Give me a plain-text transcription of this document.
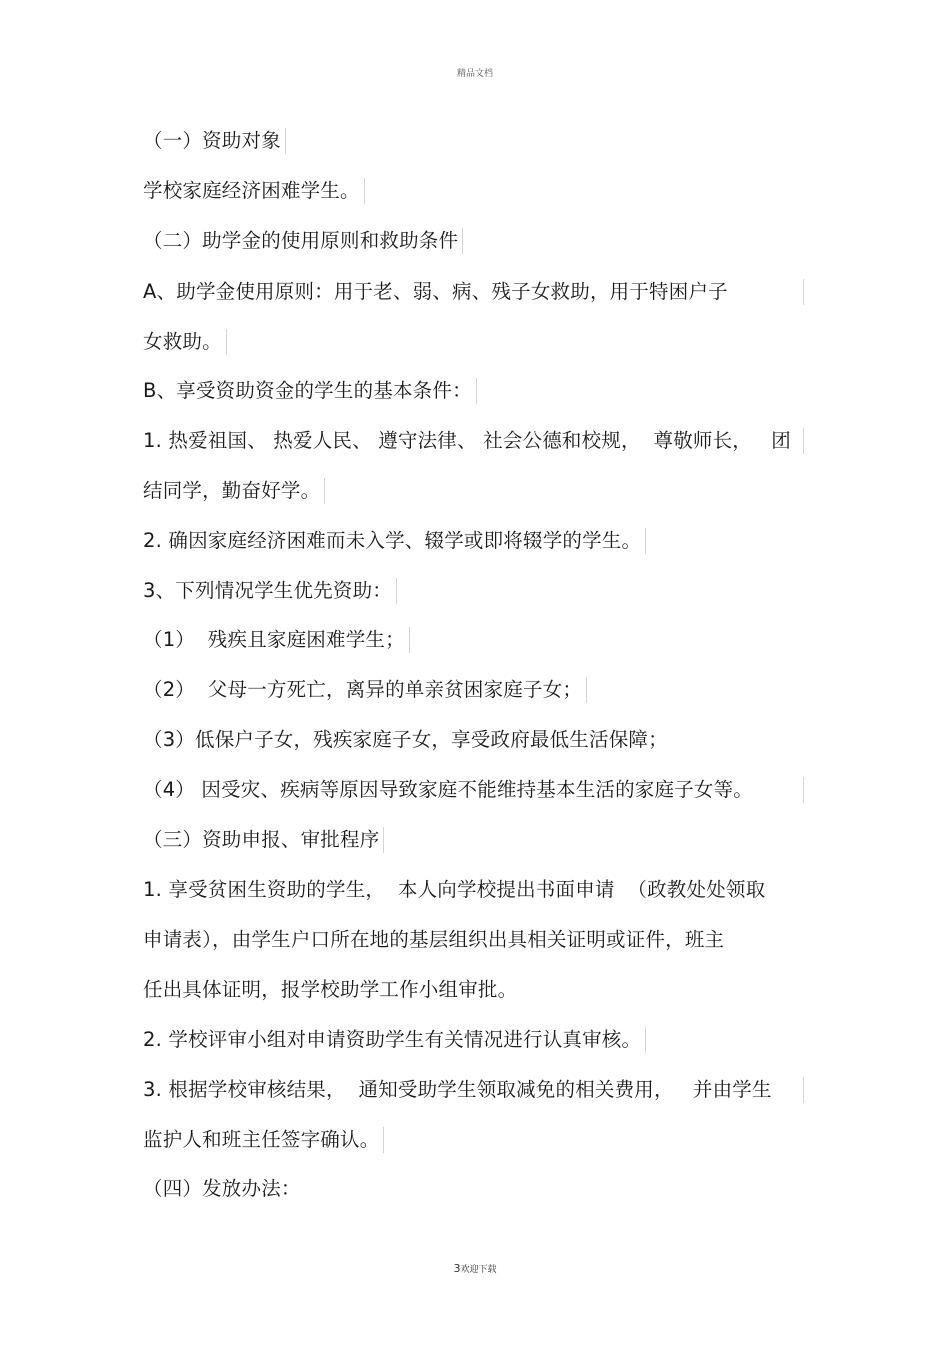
精品文档
（一）资助对象
学校家庭经济困难学生。
（二）助学金的使用原则和救助条件
A、助学金使用原则：用于老、弱、病、残子女救助，用于特困户子
女救助。
B、享受资助资金的学生的基本条件：
1. 热爱祖国、 热爱人民、 遵守法律、 社会公德和校规，  尊敬师长，   团
结同学，勤奋好学。
2. 确因家庭经济困难而未入学、辍学或即将辍学的学生。
3、下列情况学生优先资助：
（1）  残疾且家庭困难学生；
（2）  父母一方死亡，离异的单亲贫困家庭子女；
（3）低保户子女，残疾家庭子女，享受政府最低生活保障；
（4） 因受灾、疾病等原因导致家庭不能维持基本生活的家庭子女等。
（三）资助申报、审批程序
1. 享受贫困生资助的学生，  本人向学校提出书面申请  （政教处处领取
申请表），由学生户口所在地的基层组织出具相关证明或证件，班主
任出具体证明，报学校助学工作小组审批。
2. 学校评审小组对申请资助学生有关情况进行认真审核。
3. 根据学校审核结果，  通知受助学生领取减免的相关费用，   并由学生
监护人和班主任签字确认。
（四）发放办法：
3欢迎下载
